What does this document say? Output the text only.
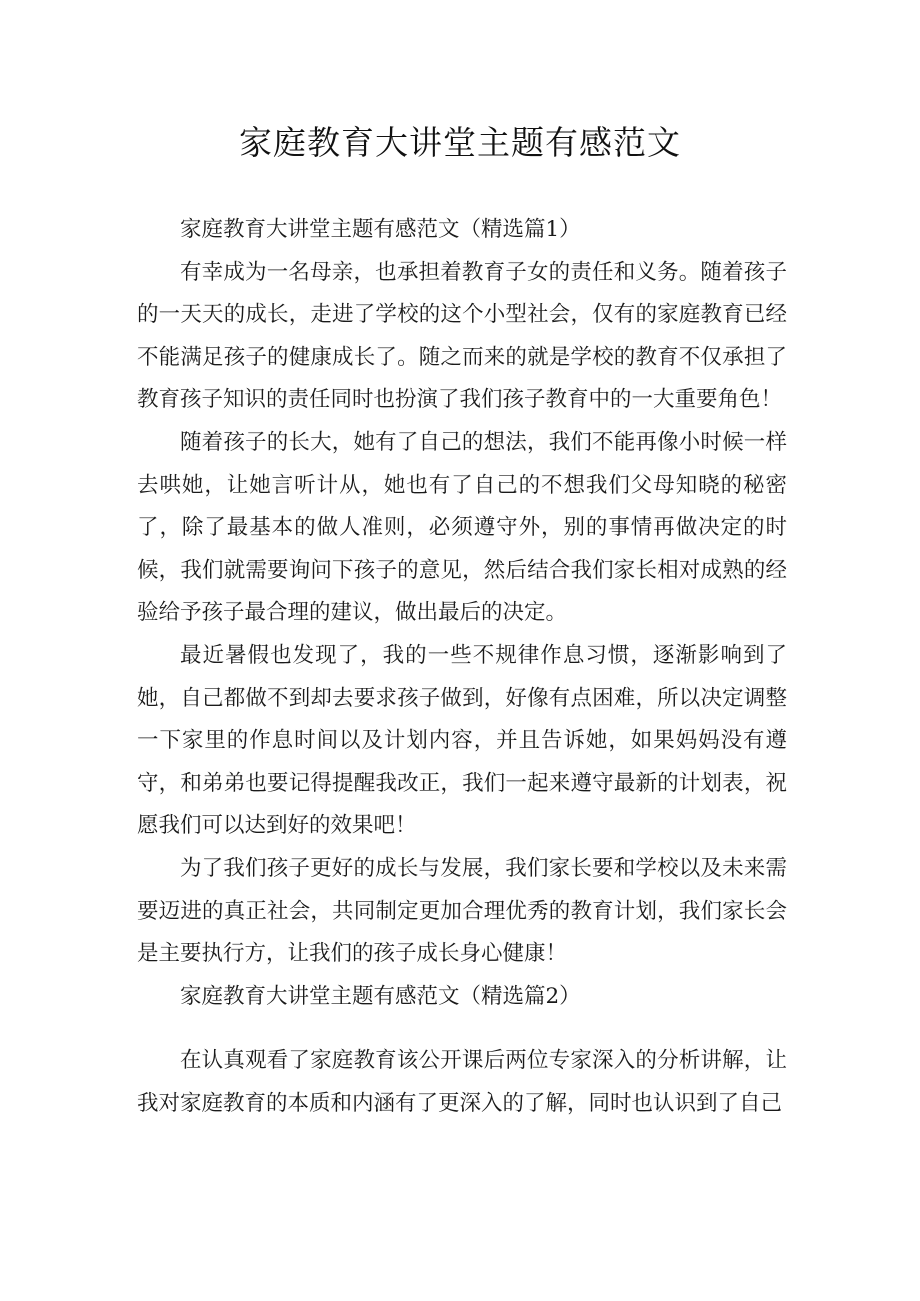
家庭教育大讲堂主题有感范文

家庭教育大讲堂主题有感范文（精选篇1）

有幸成为一名母亲，也承担着教育子女的责任和义务。随着孩子的一天天的成长，走进了学校的这个小型社会，仅有的家庭教育已经不能满足孩子的健康成长了。随之而来的就是学校的教育不仅承担了教育孩子知识的责任同时也扮演了我们孩子教育中的一大重要角色！

随着孩子的长大，她有了自己的想法，我们不能再像小时候一样去哄她，让她言听计从，她也有了自己的不想我们父母知晓的秘密了，除了最基本的做人准则，必须遵守外，别的事情再做决定的时候，我们就需要询问下孩子的意见，然后结合我们家长相对成熟的经验给予孩子最合理的建议，做出最后的决定。

最近暑假也发现了，我的一些不规律作息习惯，逐渐影响到了她，自己都做不到却去要求孩子做到，好像有点困难，所以决定调整一下家里的作息时间以及计划内容，并且告诉她，如果妈妈没有遵守，和弟弟也要记得提醒我改正，我们一起来遵守最新的计划表，祝愿我们可以达到好的效果吧！

为了我们孩子更好的成长与发展，我们家长要和学校以及未来需要迈进的真正社会，共同制定更加合理优秀的教育计划，我们家长会是主要执行方，让我们的孩子成长身心健康！

家庭教育大讲堂主题有感范文（精选篇2）

在认真观看了家庭教育该公开课后两位专家深入的分析讲解，让我对家庭教育的本质和内涵有了更深入的了解，同时也认识到了自己
